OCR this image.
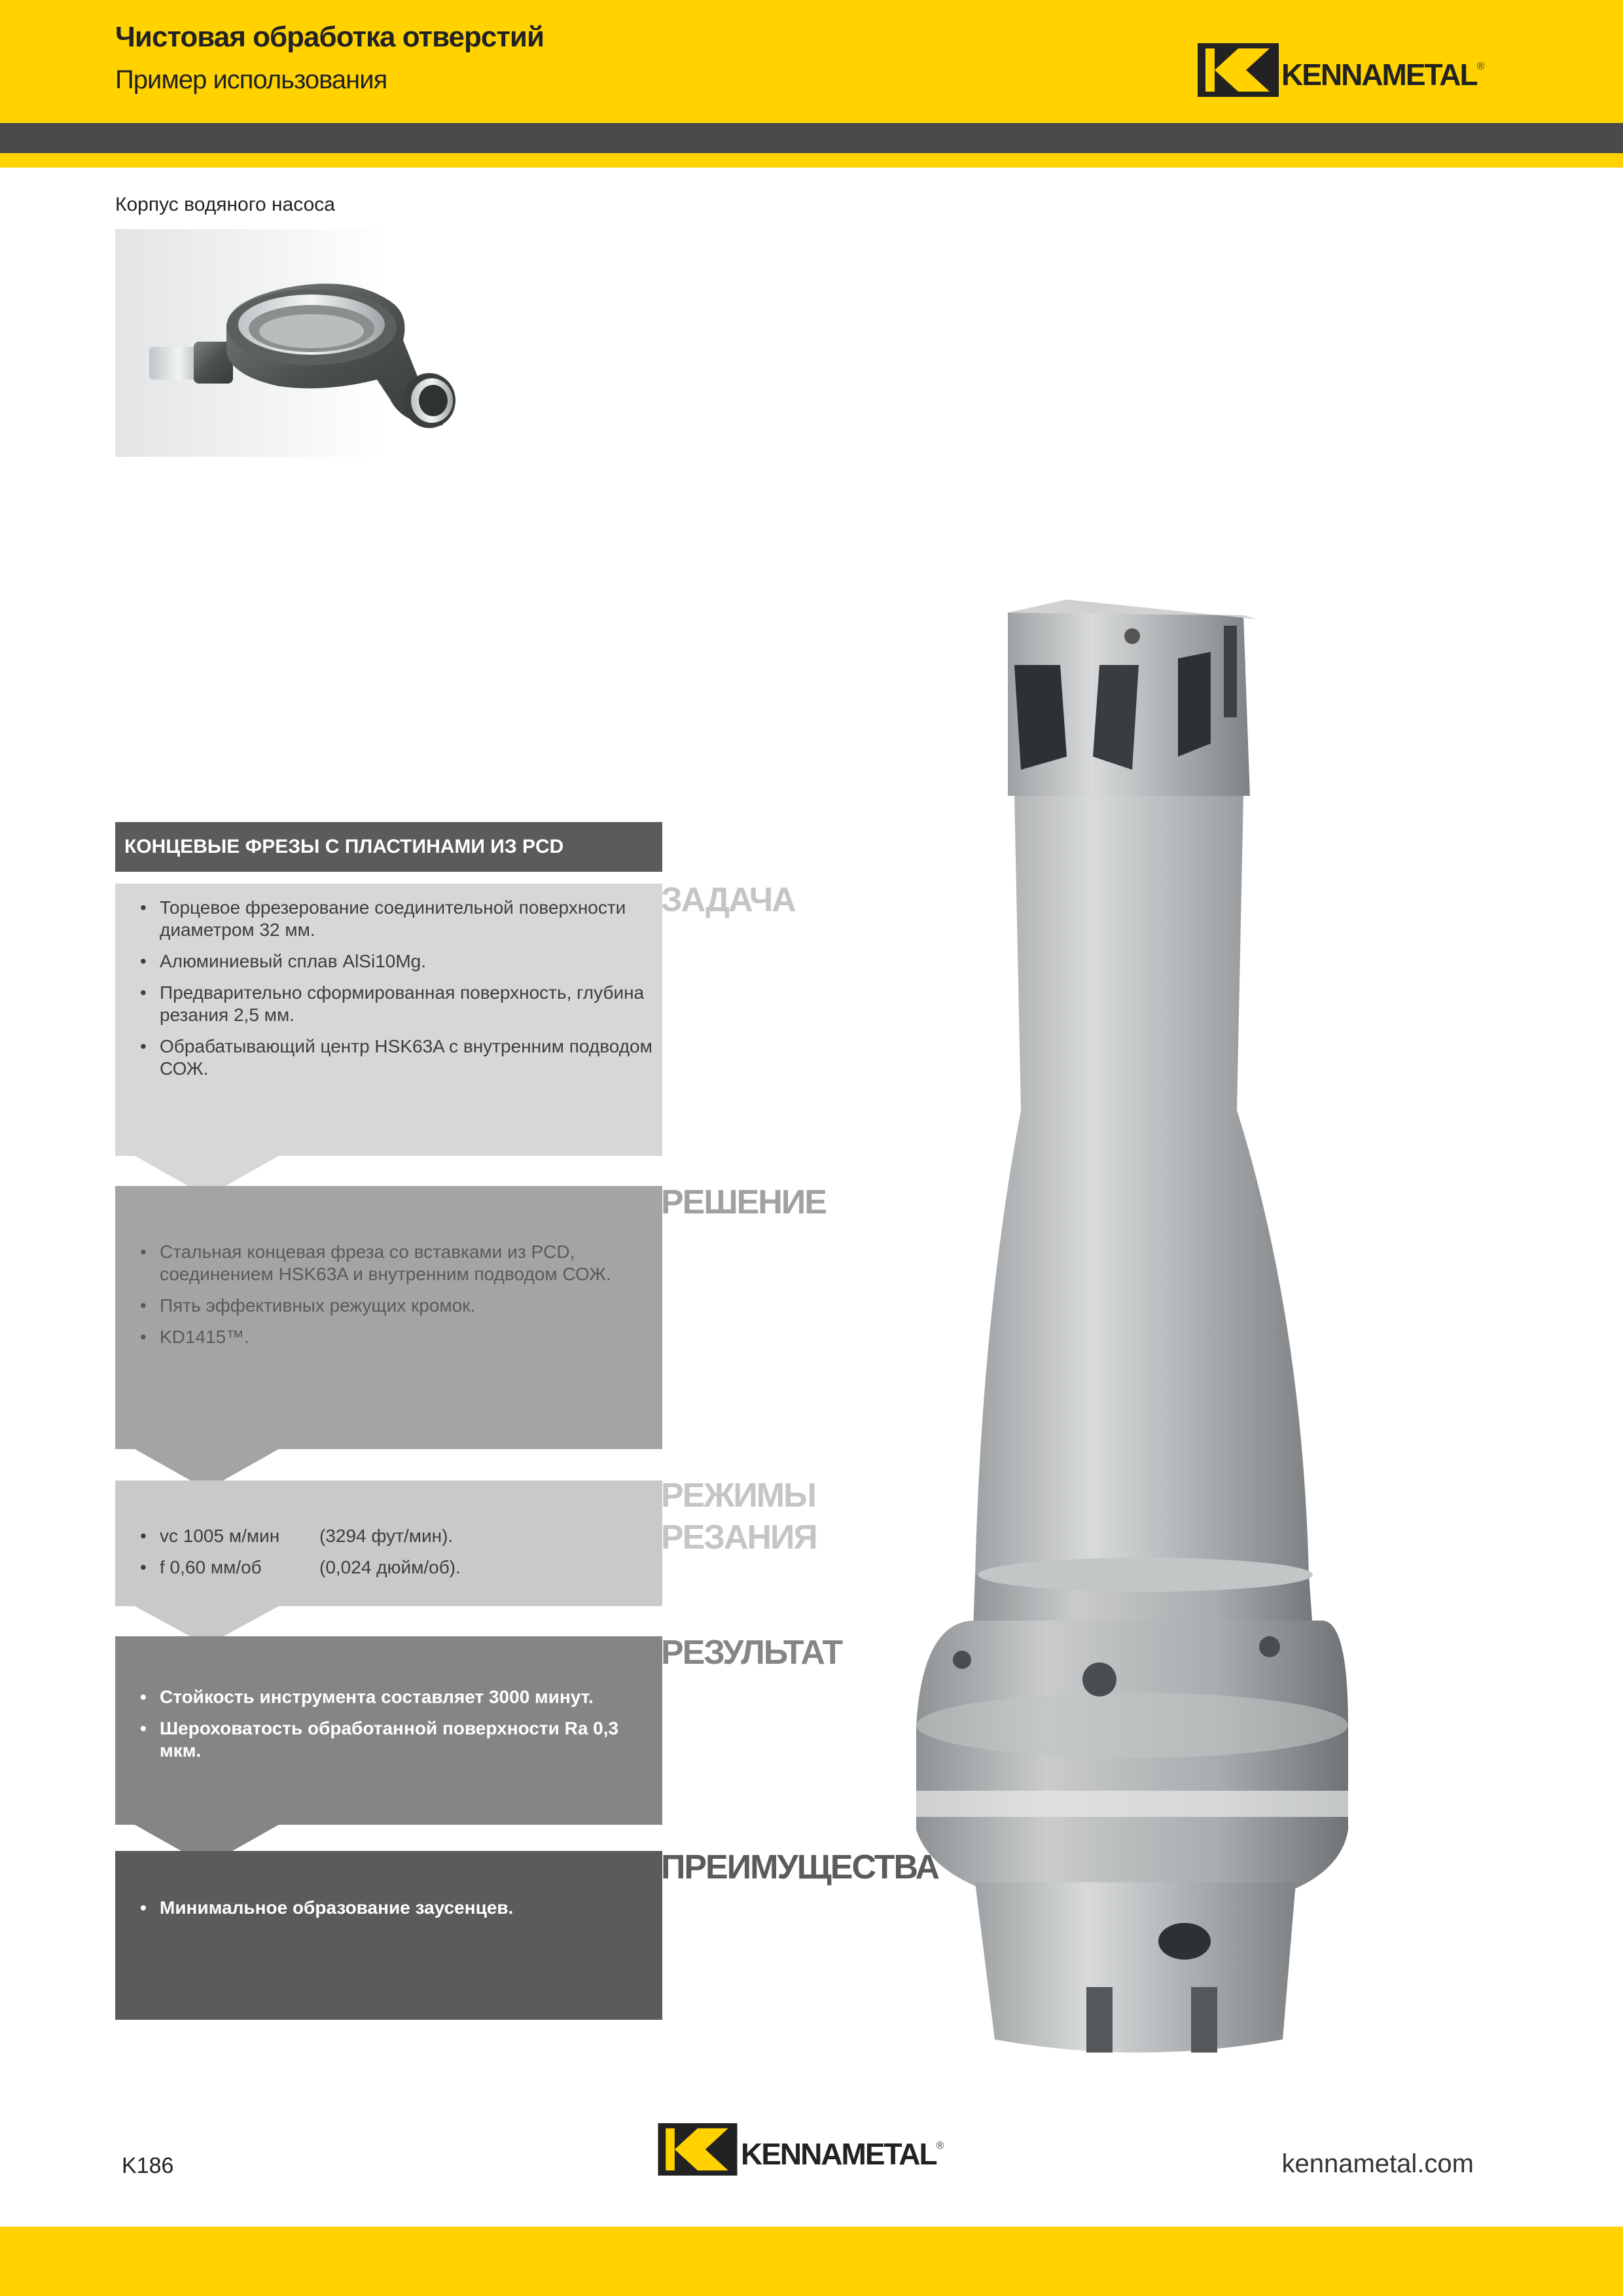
Чистовая обработка отверстий
Пример использования	KENNAMETAL ®
Корпус водяного насоса
КОНЦЕВЫЕ ФРЕЗЫ С ПЛАСТИНАМИ ИЗ PCD
• Торцевое фрезерование соединительной поверхности диаметром 32 мм.
• Алюминиевый сплав AlSi10Mg.
• Предварительно сформированная поверхность, глубина резания 2,5 мм.
• Обрабатывающий центр HSK63A с внутренним подводом СОЖ.
ЗАДАЧА
• Стальная концевая фреза со вставками из PCD, соединением HSK63A и внутренним подводом СОЖ.
• Пять эффективных режущих кромок.
• KD1415™.
РЕШЕНИЕ
• vc 1005 м/мин	(3294 фут/мин).
• f 0,60 мм/об	(0,024 дюйм/об).
РЕЖИМЫ
РЕЗАНИЯ
• Стойкость инструмента составляет 3000 минут.
• Шероховатость обработанной поверхности Ra 0,3 мкм.
РЕЗУЛЬТАТ
• Минимальное образование заусенцев.
ПРЕИМУЩЕСТВА
K186	KENNAMETAL ®
kennametal.com
